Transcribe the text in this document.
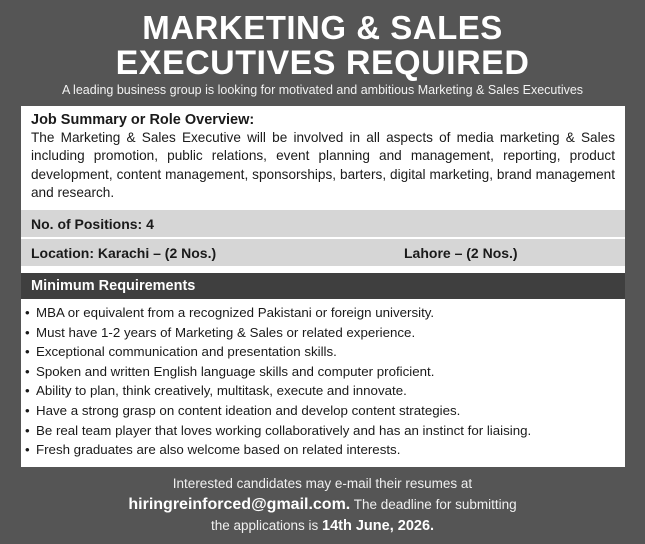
MARKETING & SALES
EXECUTIVES REQUIRED
A leading business group is looking for motivated and ambitious Marketing & Sales Executives
Job Summary or Role Overview:
The Marketing & Sales Executive will be involved in all aspects of media marketing & Sales including promotion, public relations, event planning and management, reporting, product development, content management, sponsorships, barters, digital marketing, brand management and research.
No. of Positions: 4
Location: Karachi – (2 Nos.)	Lahore – (2 Nos.)
Minimum Requirements
• MBA or equivalent from a recognized Pakistani or foreign university.
• Must have 1-2 years of Marketing & Sales or related experience.
• Exceptional communication and presentation skills.
• Spoken and written English language skills and computer proficient.
• Ability to plan, think creatively, multitask, execute and innovate.
• Have a strong grasp on content ideation and develop content strategies.
• Be real team player that loves working collaboratively and has an instinct for liaising.
• Fresh graduates are also welcome based on related interests.
Interested candidates may e-mail their resumes at
hiringreinforced@gmail.com. The deadline for submitting
the applications is 14th June, 2026.
